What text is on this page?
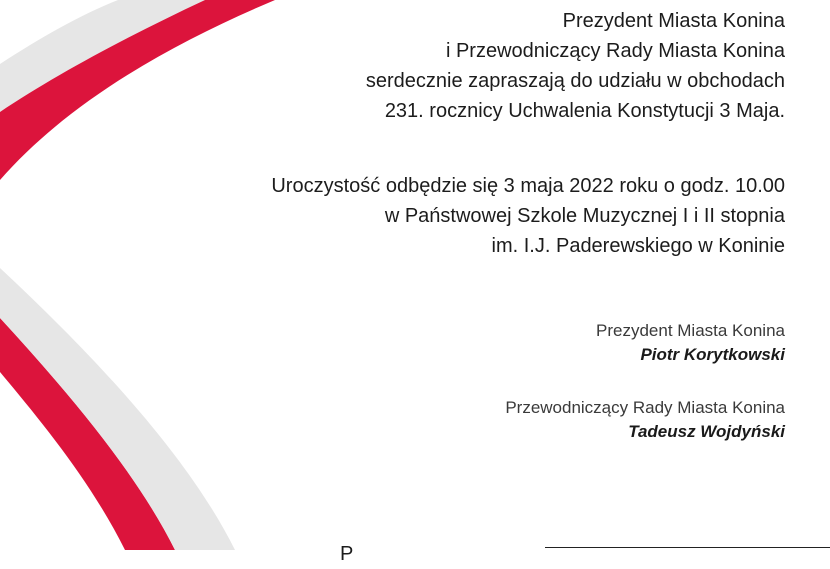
Prezydent Miasta Konina
i Przewodniczący Rady Miasta Konina
serdecznie zapraszają do udziału w obchodach
231. rocznicy Uchwalenia Konstytucji 3 Maja.
Uroczystość odbędzie się 3 maja 2022 roku o godz. 10.00
w Państwowej Szkole Muzycznej I i II stopnia
im. I.J. Paderewskiego w Koninie
Prezydent Miasta Konina
Piotr Korytkowski
Przewodniczący Rady Miasta Konina
Tadeusz Wojdyński
P
